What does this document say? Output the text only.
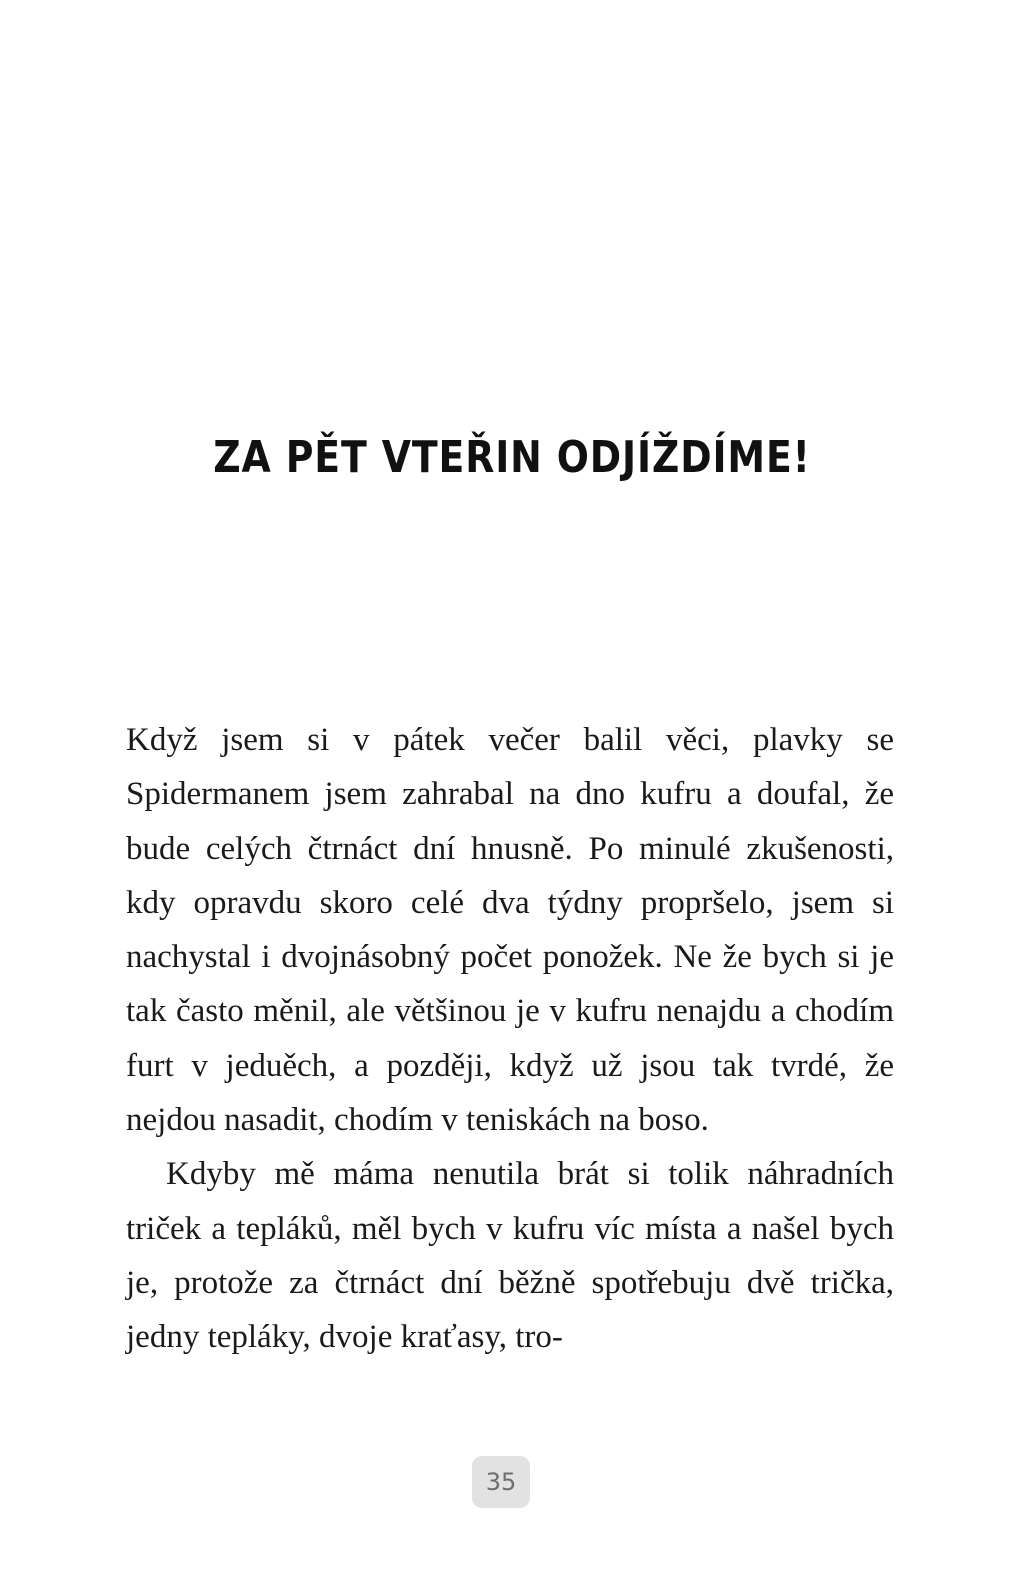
ZA PĚT VTEŘIN ODJÍŽDÍME!

Když jsem si v pátek večer balil věci, plavky se Spidermanem jsem zahrabal na dno kufru a doufal, že bude celých čtrnáct dní hnusně. Po minulé zkušenosti, kdy opravdu skoro celé dva týdny propršelo, jsem si nachystal i dvojnásobný počet ponožek. Ne že bych si je tak často měnil, ale většinou je v kufru nenajdu a chodím furt v jeduěch, a později, když už jsou tak tvrdé, že nejdou nasadit, chodím v teniskách na boso.

Kdyby mě máma nenutila brát si tolik náhradních triček a tepláků, měl bych v kufru víc místa a našel bych je, protože za čtrnáct dní běžně spotřebuju dvě trička, jedny tepláky, dvoje kraťasy, tro-

35
